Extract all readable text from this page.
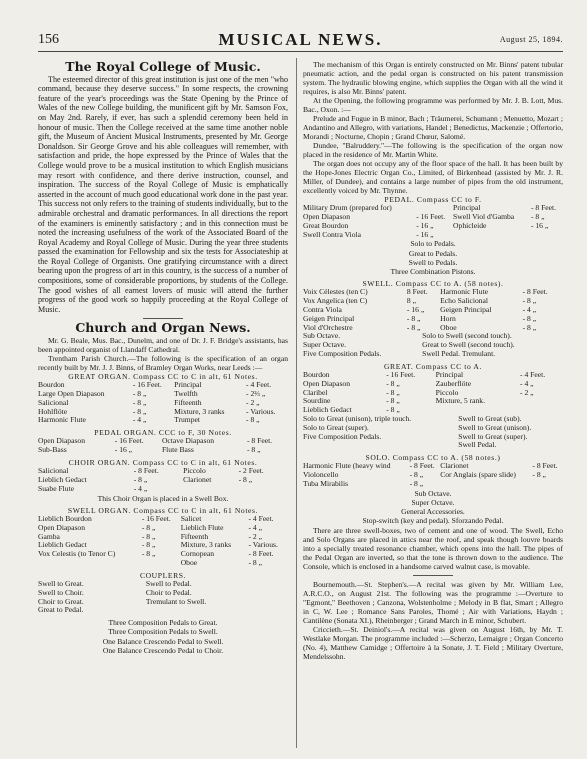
156	MUSICAL NEWS.	August 25, 1894.
The Royal College of Music.

The esteemed director of this great institution is just one of the men "who command, because they deserve success." In some respects, the crowning feature of the year's proceedings was the State Opening by the Prince of Wales of the new College building, the munificent gift by Mr. Samson Fox, on May 2nd. Rarely, if ever, has such a splendid ceremony been held in honour of music. Then the College received at the same time another noble gift, the Museum of Ancient Musical Instruments, presented by Mr. George Donaldson. Sir George Grove and his able colleagues will remember, with satisfaction and pride, the hope expressed by the Prince of Wales that the College would prove to be a musical institution to which English musicians may resort with confidence, and there derive instruction, counsel, and inspiration. The success of the Royal College of Music is emphatically asserted in the account of much good educational work done in the past year. This success not only refers to the training of students individually, but to the admirable orchestral and dramatic performances. In all directions the report of the examiners is eminently satisfactory ; and in this connection must be noted the increasing usefulness of the work of the Associated Board of the Royal Academy and Royal College of Music. During the year three students passed the examination for Fellowship and six the tests for Associateship at the Royal College of Organists. One gratifying circumstance with a direct bearing upon the progress of art in this country, is the success of a number of compositions, some of considerable proportions, by students of the College. The good wishes of all earnest lovers of music will attend the further progress of the good work so happily proceeding at the Royal College of Music.

Church and Organ News.

Mr. G. Beale, Mus. Bac., Dunelm, and one of Dr. J. F. Bridge's assistants, has been appointed organist of Llandaff Cathedral.

Trentham Parish Church.—The following is the specification of an organ recently built by Mr. J. J. Binns, of Bramley Organ Works, near Leeds :—

GREAT ORGAN. Compass CC to C in alt, 61 Notes.
Bourdon	- 16 Feet.	Principal	- 4 Feet.
Large Open Diapason	- 8 „	Twelfth	- 2⅔ „
Salicional	- 8 „	Fifteenth	- 2 „
Hohlflöte	- 8 „	Mixture, 3 ranks	- Various.
Harmonic Flute	- 4 „	Trumpet	- 8 „
PEDAL ORGAN. CCC to F, 30 Notes.
Open Diapason	- 16 Feet.	Octave Diapason	- 8 Feet.
Sub-Bass	- 16 „	Flute Bass	- 8 „
CHOIR ORGAN. Compass CC to C in alt, 61 Notes.
Salicional	- 8 Feet.	Piccolo	- 2 Feet.
Lieblich Gedact	- 8 „	Clarionet	- 8 „
Suabe Flute	- 4 „		
This Choir Organ is placed in a Swell Box.
SWELL ORGAN. Compass CC to C in alt, 61 Notes.
Lieblich Bourdon	- 16 Feet.	Salicet	- 4 Feet.
Open Diapason	- 8 „	Lieblich Flute	- 4 „
Gamba	- 8 „	Fifteenth	- 2 „
Lieblich Gedact	- 8 „	Mixture, 3 ranks	- Various.
Vox Celestis (to Tenor C)	- 8 „	Cornopean	- 8 Feet.
		Oboe	- 8 „
COUPLERS.
Swell to Great.	Swell to Pedal.
Swell to Choir.	Choir to Pedal.
Choir to Great.	Tremulant to Swell.
Great to Pedal.	
Three Composition Pedals to Great.
Three Composition Pedals to Swell.
One Balance Crescendo Pedal to Swell.
One Balance Crescendo Pedal to Choir.

The mechanism of this Organ is entirely constructed on Mr. Binns' patent tubular pneumatic action, and the pedal organ is constructed on his patent transmission system. The hydraulic blowing engine, which supplies the Organ with all the wind it requires, is also Mr. Binns' patent.

At the Opening, the following programme was performed by Mr. J. B. Lott, Mus. Bac., Oxon. :—

Prelude and Fugue in B minor, Bach ; Träumerei, Schumann ; Menuetto, Mozart ; Andantino and Allegro, with variations, Handel ; Benedictus, Mackenzie ; Offertorio, Morandi ; Nocturne, Chopin ; Grand Chœur, Salomé.

Dundee, "Balruddery."—The following is the specification of the organ now placed in the residence of Mr. Martin White.

The organ does not occupy any of the floor space of the hall. It has been built by the Hope-Jones Electric Organ Co., Limited, of Birkenhead (assisted by Mr. J. R. Miller, of Dundee), and contains a large number of pipes from the old instrument, excellently voiced by Mr. Thynne.

PEDAL. Compass CC to F.
Military Drum (prepared for)		Principal	- 8 Feet.
Open Diapason	- 16 Feet.	Swell Viol d'Gamba	- 8 „
Great Bourdon	- 16 „	Ophicleide	- 16 „
Swell Contra Viola	- 16 „		
Solo to Pedals.
Great to Pedals.
Swell to Pedals.
Three Combination Pistons.
SWELL. Compass CC to A. (58 notes).
Voix Célestes (ten C)	8 Feet.	Harmonic Flute	- 8 Feet.
Vox Angelica (ten C)	8 „	Echo Salicional	- 8 „
Contra Viola	- 16 „	Geigen Principal	- 4 „
Geigen Principal	- 8 „	Horn	- 8 „
Viol d'Orchestre	- 8 „	Oboe	- 8 „
Sub Octave.	Solo to Swell (second touch).
Super Octave.	Great to Swell (second touch).
Five Composition Pedals.	Swell Pedal. Tremulant.
GREAT. Compass CC to A.
Bourdon	- 16 Feet.	Principal	- 4 Feet.
Open Diapason	- 8 „	Zauberflöte	- 4 „
Claribel	- 8 „	Piccolo	- 2 „
Sourdine	- 8 „	Mixture, 5 rank.	
Lieblich Gedact	- 8 „		
Solo to Great (unison), triple touch.	Swell to Great (sub).
Solo to Great (super).	Swell to Great (unison).
Five Composition Pedals.	Swell to Great (super).
	Swell Pedal.
SOLO. Compass CC to A. (58 notes.)
Harmonic Flute (heavy wind	- 8 Feet.	Clarionet	- 8 Feet.
Violoncello	- 8 „	Cor Anglais (spare slide)	- 8 „
Tuba Mirabilis	- 8 „		
Sub Octave.
Super Octave.
General Accessories.
Stop-switch (key and pedal). Sforzando Pedal.

There are three swell-boxes, two of cement and one of wood. The Swell, Echo and Solo Organs are placed in attics near the roof, and speak though louvre boards into a specially treated resonance chamber, which opens into the hall. The pipes of the Pedal Organ are inverted, so that the tone is thrown down to the audience. The Console, which is enclosed in a handsome carved walnut case, is movable.

Bournemouth.—St. Stephen's.—A recital was given by Mr. William Lee, A.R.C.O., on August 21st. The following was the programme :—Overture to "Egmont," Beethoven ; Canzona, Wolstenholme ; Melody in B flat, Smart ; Allegro in C, W. Lee ; Romance Sans Paroles, Thomé ; Air with Variations, Haydn ; Cantilène (Sonata XI.), Rheinberger ; Grand March in E minor, Schubert.

Criccieth.—St. Deiniol's.—A recital was given on August 16th, by Mr. T. Westlake Morgan. The programme included :—Scherzo, Lemaigre ; Organ Concerto (No. 4), Matthew Camidge ; Offertoire à la Sonate, J. T. Field ; Military Overture, Mendelssohn.
